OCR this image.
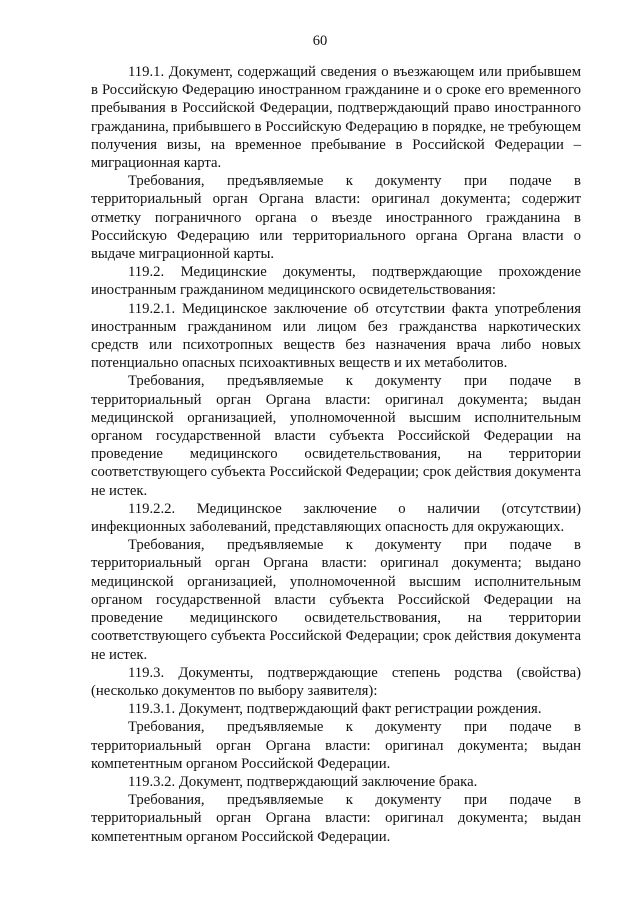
60

119.1. Документ, содержащий сведения о въезжающем или прибывшем в Российскую Федерацию иностранном гражданине и о сроке его временного пребывания в Российской Федерации, подтверждающий право иностранного гражданина, прибывшего в Российскую Федерацию в порядке, не требующем получения визы, на временное пребывание в Российской Федерации – миграционная карта.

Требования, предъявляемые к документу при подаче в территориальный орган Органа власти: оригинал документа; содержит отметку пограничного органа о въезде иностранного гражданина в Российскую Федерацию или территориального органа Органа власти о выдаче миграционной карты.

119.2. Медицинские документы, подтверждающие прохождение иностранным гражданином медицинского освидетельствования:

119.2.1. Медицинское заключение об отсутствии факта употребления иностранным гражданином или лицом без гражданства наркотических средств или психотропных веществ без назначения врача либо новых потенциально опасных психоактивных веществ и их метаболитов.

Требования, предъявляемые к документу при подаче в территориальный орган Органа власти: оригинал документа; выдан медицинской организацией, уполномоченной высшим исполнительным органом государственной власти субъекта Российской Федерации на проведение медицинского освидетельствования, на территории соответствующего субъекта Российской Федерации; срок действия документа не истек.

119.2.2. Медицинское заключение о наличии (отсутствии) инфекционных заболеваний, представляющих опасность для окружающих.

Требования, предъявляемые к документу при подаче в территориальный орган Органа власти: оригинал документа; выдано медицинской организацией, уполномоченной высшим исполнительным органом государственной власти субъекта Российской Федерации на проведение медицинского освидетельствования, на территории соответствующего субъекта Российской Федерации; срок действия документа не истек.

119.3. Документы, подтверждающие степень родства (свойства) (несколько документов по выбору заявителя):

119.3.1. Документ, подтверждающий факт регистрации рождения.

Требования, предъявляемые к документу при подаче в территориальный орган Органа власти: оригинал документа; выдан компетентным органом Российской Федерации.

119.3.2. Документ, подтверждающий заключение брака.

Требования, предъявляемые к документу при подаче в территориальный орган Органа власти: оригинал документа; выдан компетентным органом Российской Федерации.
